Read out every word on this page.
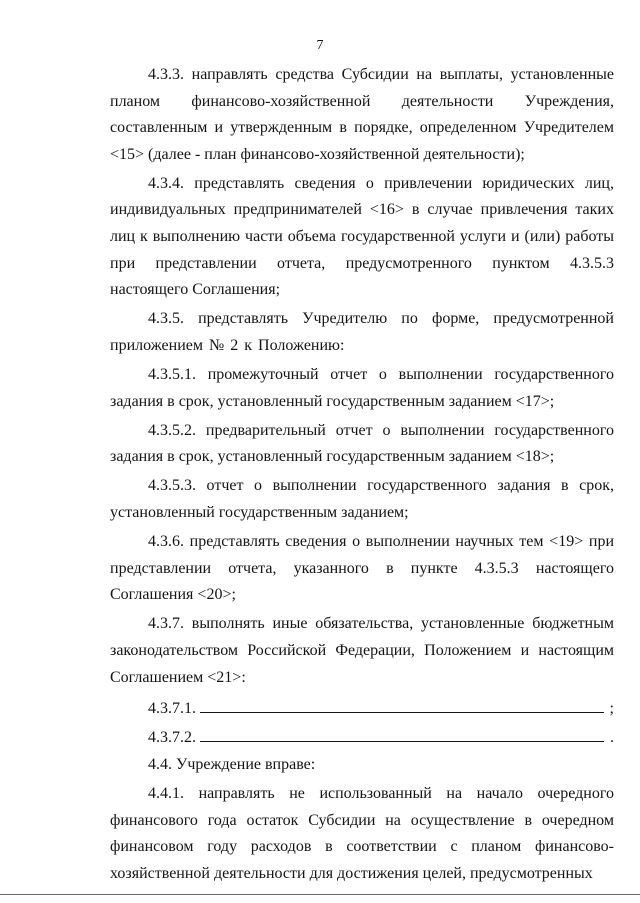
7

4.3.3. направлять средства Субсидии на выплаты, установленные планом финансово-хозяйственной деятельности Учреждения, составленным и утвержденным в порядке, определенном Учредителем <15> (далее - план финансово-хозяйственной деятельности);

4.3.4. представлять сведения о привлечении юридических лиц, индивидуальных предпринимателей <16> в случае привлечения таких лиц к выполнению части объема государственной услуги и (или) работы при представлении отчета, предусмотренного пунктом 4.3.5.3 настоящего Соглашения;

4.3.5. представлять Учредителю по форме, предусмотренной приложением № 2 к Положению:

4.3.5.1. промежуточный отчет о выполнении государственного задания в срок, установленный государственным заданием <17>;

4.3.5.2. предварительный отчет о выполнении государственного задания в срок, установленный государственным заданием <18>;

4.3.5.3. отчет о выполнении государственного задания в срок, установленный государственным заданием;

4.3.6. представлять сведения о выполнении научных тем <19> при представлении отчета, указанного в пункте 4.3.5.3 настоящего Соглашения <20>;

4.3.7. выполнять иные обязательства, установленные бюджетным законодательством Российской Федерации, Положением и настоящим Соглашением <21>:

4.3.7.1.	;
4.3.7.2.	.

4.4. Учреждение вправе:

4.4.1. направлять не использованный на начало очередного финансового года остаток Субсидии на осуществление в очередном финансовом году расходов в соответствии с планом финансово-хозяйственной деятельности для достижения целей, предусмотренных
